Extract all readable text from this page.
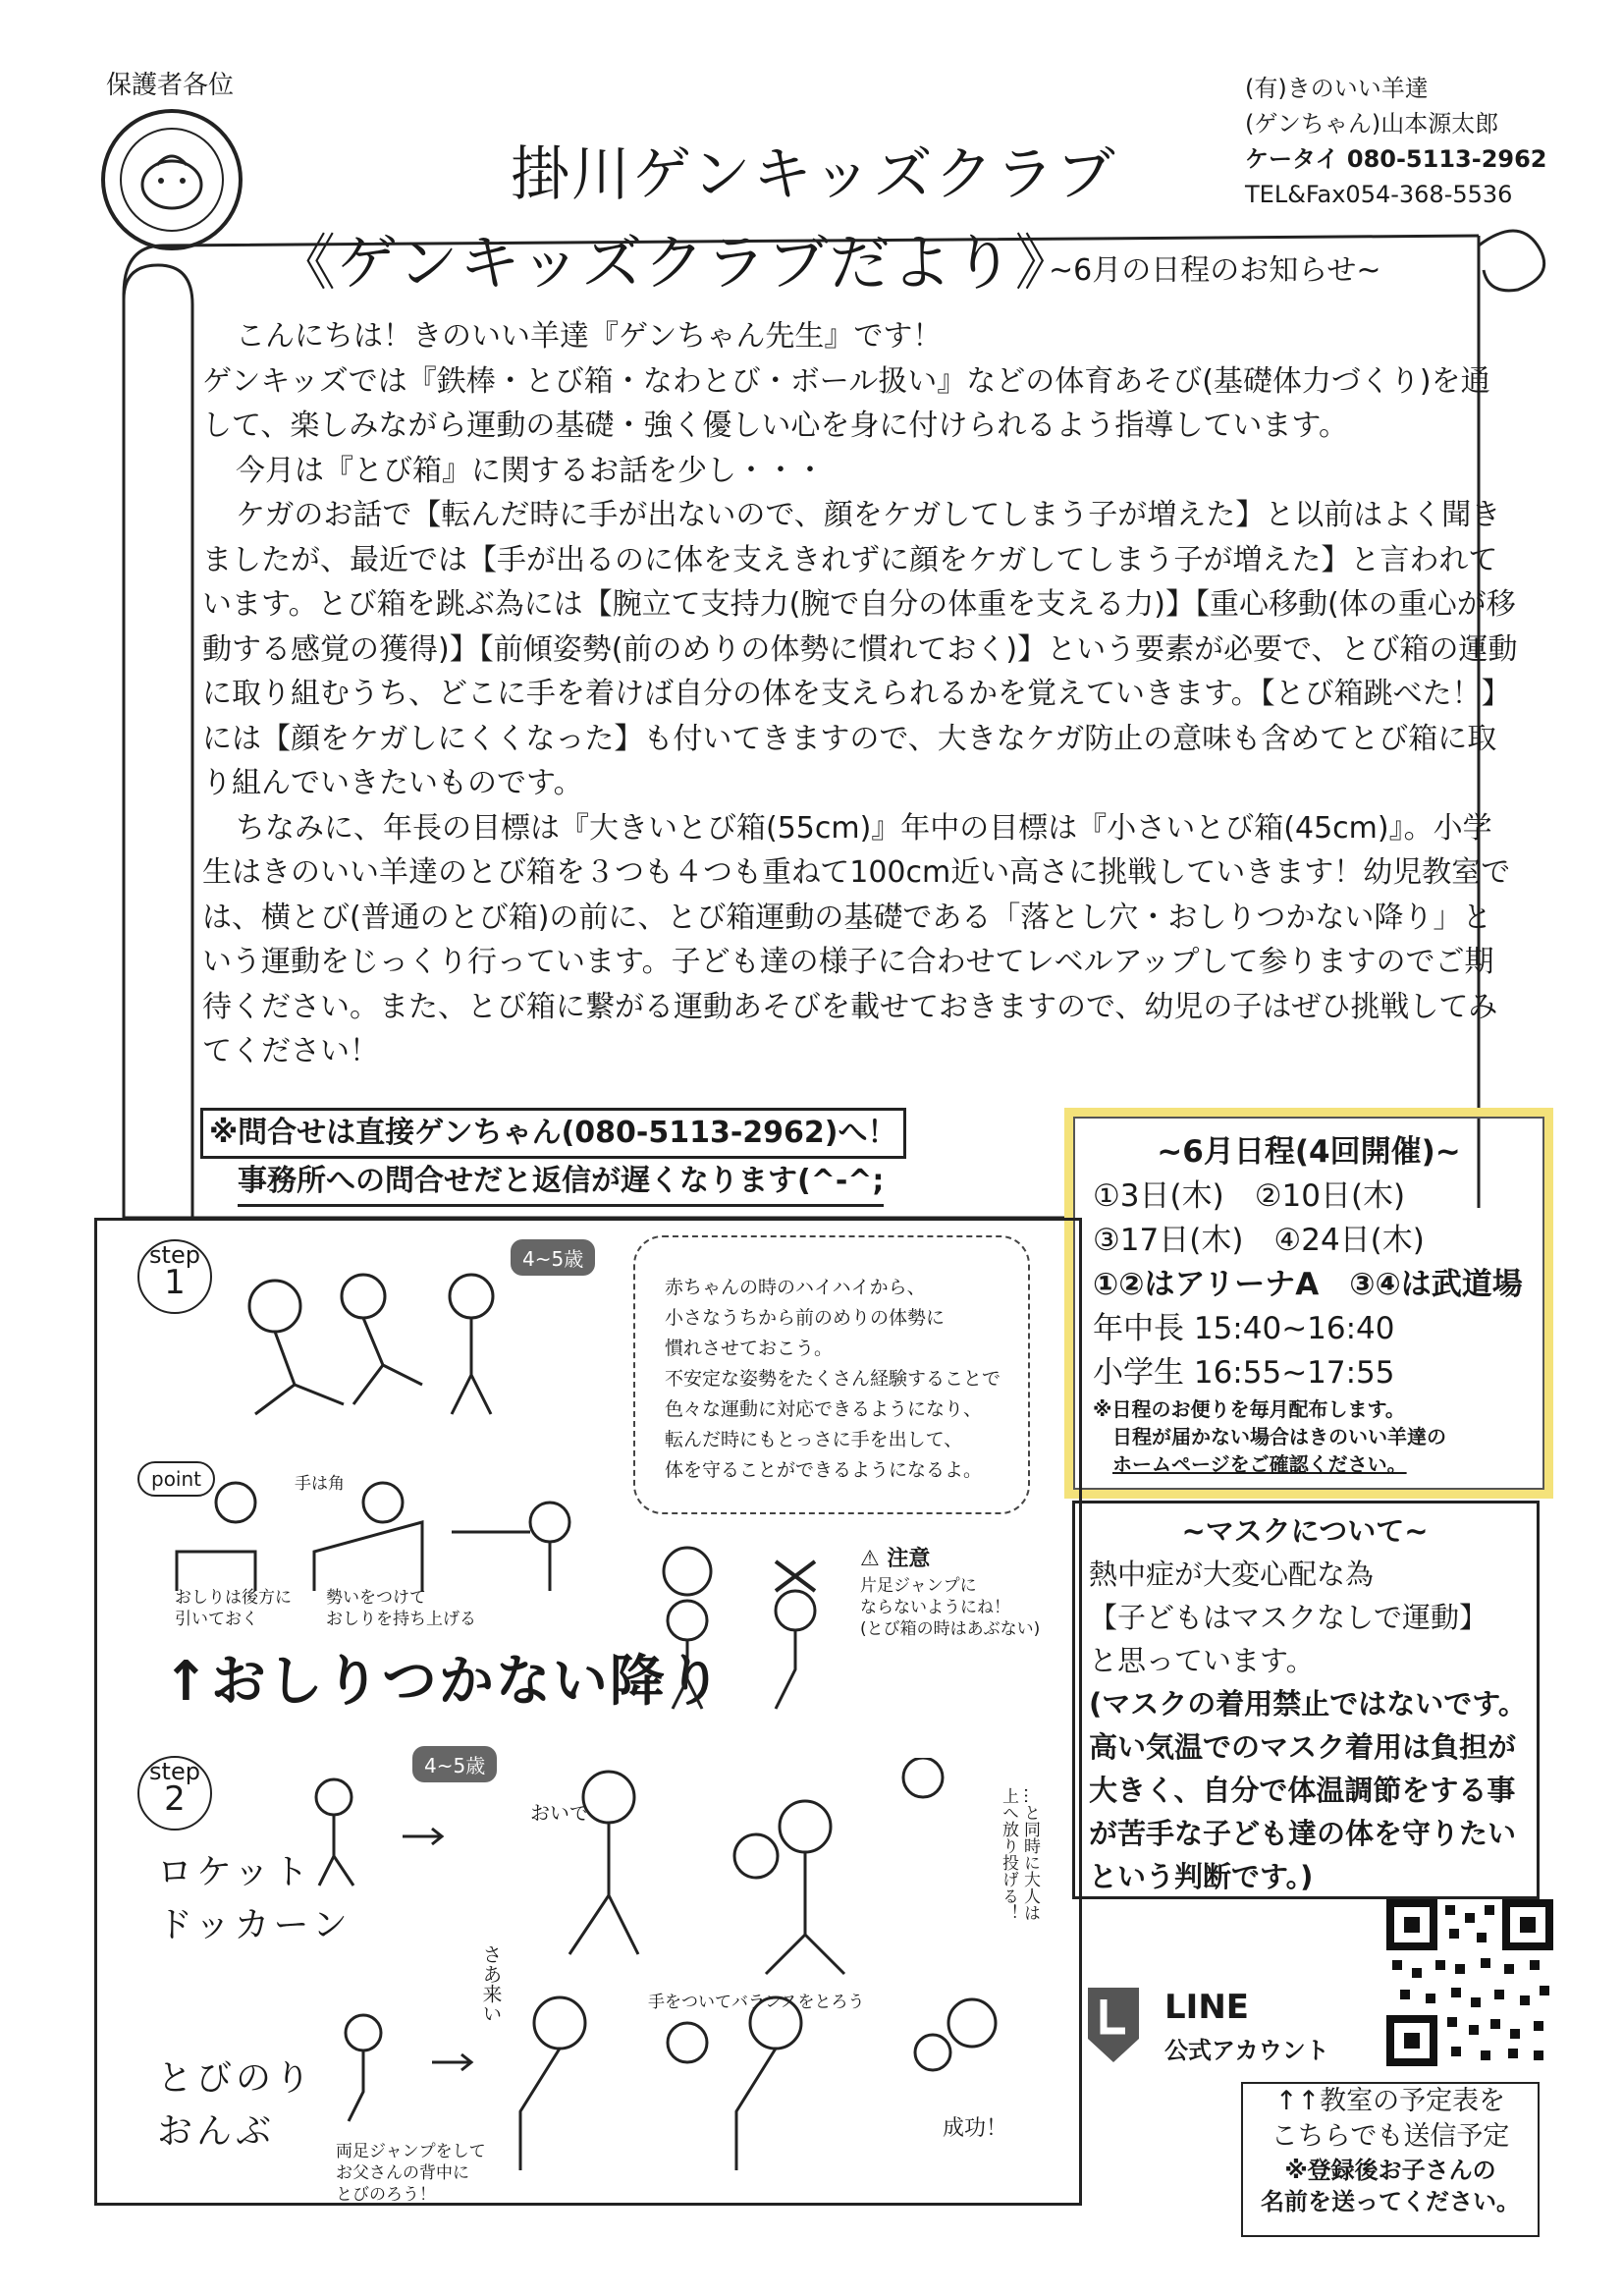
保護者各位	(有)きのいい羊達
(ゲンちゃん)山本源太郎
ケータイ 080-5113-2962
TEL&Fax054-368-5536
掛川ゲンキッズクラブ
《ゲンキッズクラブだより》
~6月の日程のお知らせ~

こんにちは！きのいい羊達『ゲンちゃん先生』です！

ゲンキッズでは『鉄棒・とび箱・なわとび・ボール扱い』などの体育あそび(基礎体力づくり)を通して、楽しみながら運動の基礎・強く優しい心を身に付けられるよう指導しています。

今月は『とび箱』に関するお話を少し・・・

ケガのお話で【転んだ時に手が出ないので、顔をケガしてしまう子が増えた】と以前はよく聞きましたが、最近では【手が出るのに体を支えきれずに顔をケガしてしまう子が増えた】と言われています。とび箱を跳ぶ為には【腕立て支持力(腕で自分の体重を支える力)】【重心移動(体の重心が移動する感覚の獲得)】【前傾姿勢(前のめりの体勢に慣れておく)】という要素が必要で、とび箱の運動に取り組むうち、どこに手を着けば自分の体を支えられるかを覚えていきます。【とび箱跳べた！】には【顔をケガしにくくなった】も付いてきますので、大きなケガ防止の意味も含めてとび箱に取り組んでいきたいものです。

ちなみに、年長の目標は『大きいとび箱(55cm)』年中の目標は『小さいとび箱(45cm)』。小学生はきのいい羊達のとび箱を３つも４つも重ねて100cm近い高さに挑戦していきます！幼児教室では、横とび(普通のとび箱)の前に、とび箱運動の基礎である「落とし穴・おしりつかない降り」という運動をじっくり行っています。子ども達の様子に合わせてレベルアップして参りますのでご期待ください。また、とび箱に繋がる運動あそびを載せておきますので、幼児の子はぜひ挑戦してみてください！

※問合せは直接ゲンちゃん(080-5113-2962)へ！
事務所への問合せだと返信が遅くなります(^-^;
~6月日程(4回開催)~
①3日(木)　②10日(木)
③17日(木)　④24日(木)
①②はアリーナA　③④は武道場
年中長 15:40~16:40
小学生 16:55~17:55
※日程のお便りを毎月配布します。
日程が届かない場合はきのいい羊達の
ホームページをご確認ください。
~マスクについて~
熱中症が大変心配な為
【子どもはマスクなしで運動】
と思っています。
(マスクの着用禁止ではないです。
高い気温でのマスク着用は負担が
大きく、自分で体温調節をする事
が苦手な子ども達の体を守りたい
という判断です。)
step
1
4~5歳
赤ちゃんの時のハイハイから、
小さなうちから前のめりの体勢に
慣れさせておこう。
不安定な姿勢をたくさん経験することで
色々な運動に対応できるようになり、
転んだ時にもとっさに手を出して、
体を守ることができるようになるよ。
point	手は角
おしりは後方に
引いておく
勢いをつけて
おしりを持ち上げる
↑おしりつかない降り
⚠ 注意
片足ジャンプに
ならないようにね！
(とび箱の時はあぶない)
step
2
4~5歳
ロケット
ドッカーン
おいで	…と同時に大人は
上へ放り投げる！
とびのり
おんぶ
さあ来い	手をついてバランスをとろう
両足ジャンプをして
お父さんの背中に
とびのろう！
成功！
LINE
公式アカウント
↑↑教室の予定表を
こちらでも送信予定
※登録後お子さんの
名前を送ってください。
